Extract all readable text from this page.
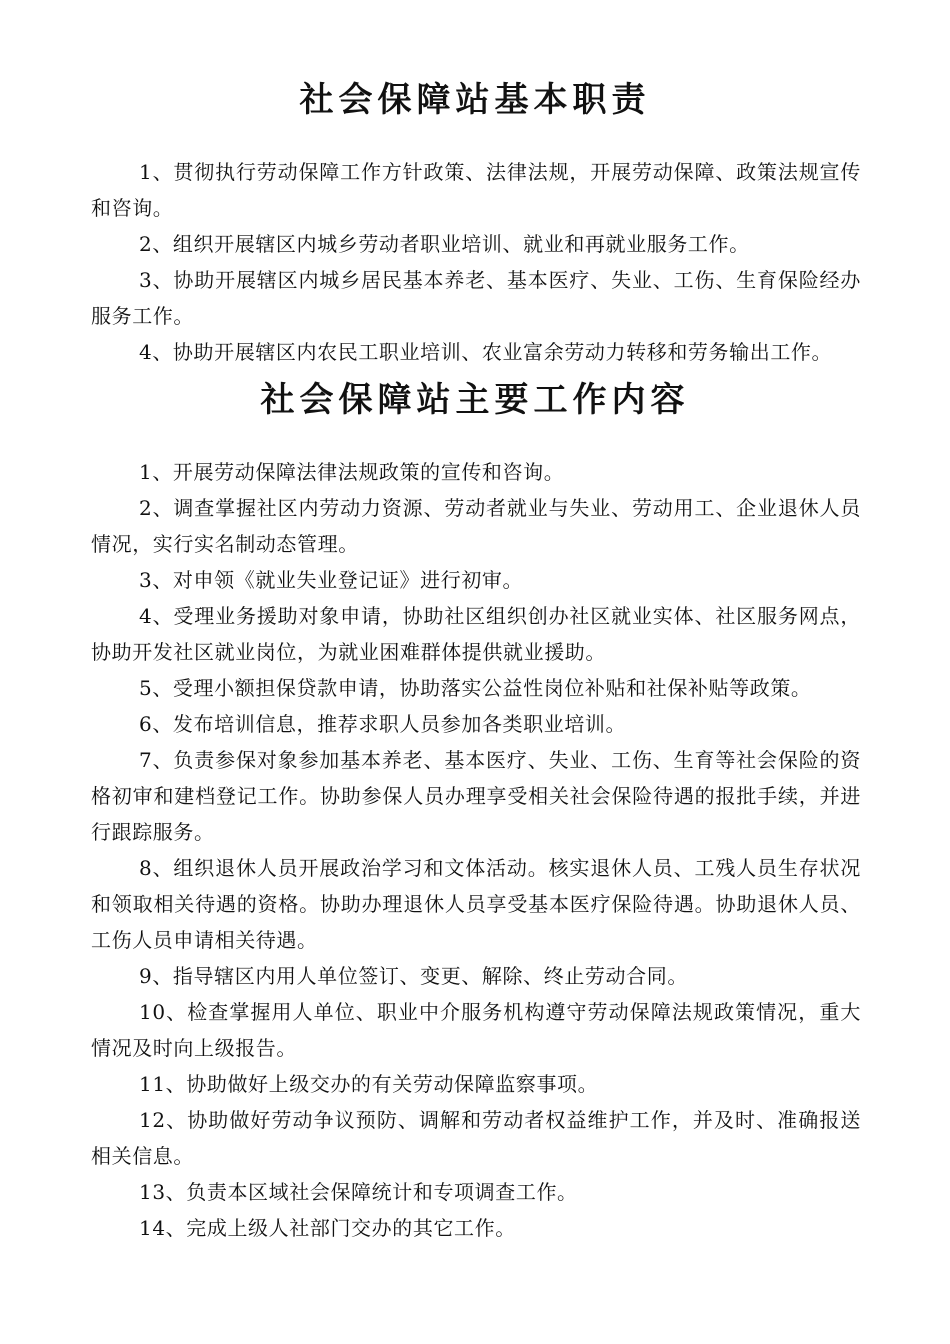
社会保障站基本职责

1、贯彻执行劳动保障工作方针政策、法律法规，开展劳动保障、政策法规宣传和咨询。

2、组织开展辖区内城乡劳动者职业培训、就业和再就业服务工作。

3、协助开展辖区内城乡居民基本养老、基本医疗、失业、工伤、生育保险经办服务工作。

4、协助开展辖区内农民工职业培训、农业富余劳动力转移和劳务输出工作。

社会保障站主要工作内容

1、开展劳动保障法律法规政策的宣传和咨询。

2、调查掌握社区内劳动力资源、劳动者就业与失业、劳动用工、企业退休人员情况，实行实名制动态管理。

3、对申领《就业失业登记证》进行初审。

4、受理业务援助对象申请，协助社区组织创办社区就业实体、社区服务网点，协助开发社区就业岗位，为就业困难群体提供就业援助。

5、受理小额担保贷款申请，协助落实公益性岗位补贴和社保补贴等政策。

6、发布培训信息，推荐求职人员参加各类职业培训。

7、负责参保对象参加基本养老、基本医疗、失业、工伤、生育等社会保险的资格初审和建档登记工作。协助参保人员办理享受相关社会保险待遇的报批手续，并进行跟踪服务。

8、组织退休人员开展政治学习和文体活动。核实退休人员、工残人员生存状况和领取相关待遇的资格。协助办理退休人员享受基本医疗保险待遇。协助退休人员、工伤人员申请相关待遇。

9、指导辖区内用人单位签订、变更、解除、终止劳动合同。

10、检查掌握用人单位、职业中介服务机构遵守劳动保障法规政策情况，重大情况及时向上级报告。

11、协助做好上级交办的有关劳动保障监察事项。

12、协助做好劳动争议预防、调解和劳动者权益维护工作，并及时、准确报送相关信息。

13、负责本区域社会保障统计和专项调查工作。

14、完成上级人社部门交办的其它工作。
